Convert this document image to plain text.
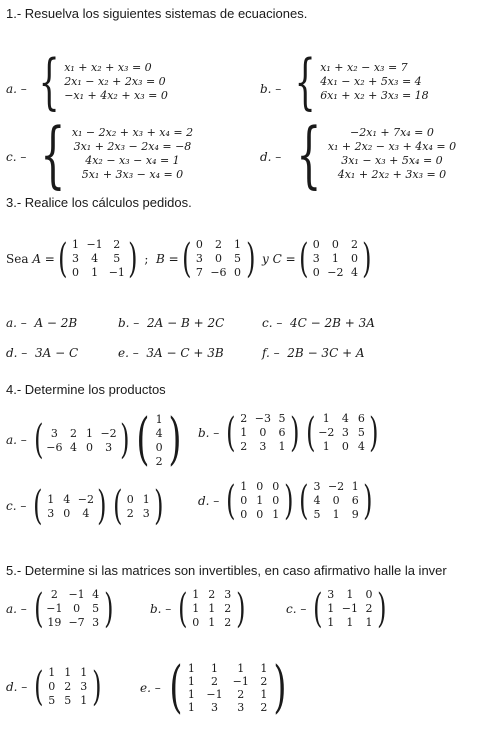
1.- Resuelva los siguientes sistemas de ecuaciones.
a. – { x₁ + x₂ + x₃ = 0
2x₁ − x₂ + 2x₃ = 0
−x₁ + 4x₂ + x₃ = 0	b. – { x₁ + x₂ − x₃ = 7
4x₁ − x₂ + 5x₃ = 4
6x₁ + x₂ + 3x₃ = 18
c. – { x₁ − 2x₂ + x₃ + x₄ = 2
3x₁ + 2x₃ − 2x₄ = −8
4x₂ − x₃ − x₄ = 1
5x₁ + 3x₃ − x₄ = 0
d. – {	−2x₁ + 7x₄ = 0
x₁ + 2x₂ − x₃ + 4x₄ = 0
3x₁ − x₃ + 5x₄ = 0
4x₁ + 2x₂ + 3x₃ = 0
3.- Realice los cálculos pedidos.
Sea
A = ( 1 −1 2
3	4	5
0	1 −1 )
;
B = ( 0	2	1
3	0	5
7 −6 0 )
y C = ( 0	0	2
3	1	0
0 −2 4 )
a. – A − 2B	b. – 2A − B + 2C	c. – 4C − 2B + 3A
d. – 3A − C	e. – 3A − C + 3B	f. – 2B − 3C + A
4.- Determine los productos
a. –
( 3	2 1 −2
−6 4 0	3 ) ( 1
4
0
2 ) b. –
( 2 −3 5
1	0	6
2	3	1 ) ( 1	4 6
−2 3 5
1	0 4 )
c. –
( 1 4 −2
3 0	4 ) ( 0 1
2 3 )	d. –
( 1 0 0
0 1 0
0 0 1 ) ( 3 −2 1
4	0	6
5	1	9 )
5.- Determine si las matrices son invertibles, en caso afirmativo halle la inver
a. –
( 2 −1 4
−1 0	5
19 −7 3 )	b. –
( 1 2 3
1 1 2
0 1 2 )	c. –
( 3	1	0
1 −1 2
1	1	1 )
d. –
( 1 1 1
0 2 3
5 5 1 )	e. –
( 1	1	1	1
1	2	−1 2
1 −1	2	1
1	3	3	2 )
